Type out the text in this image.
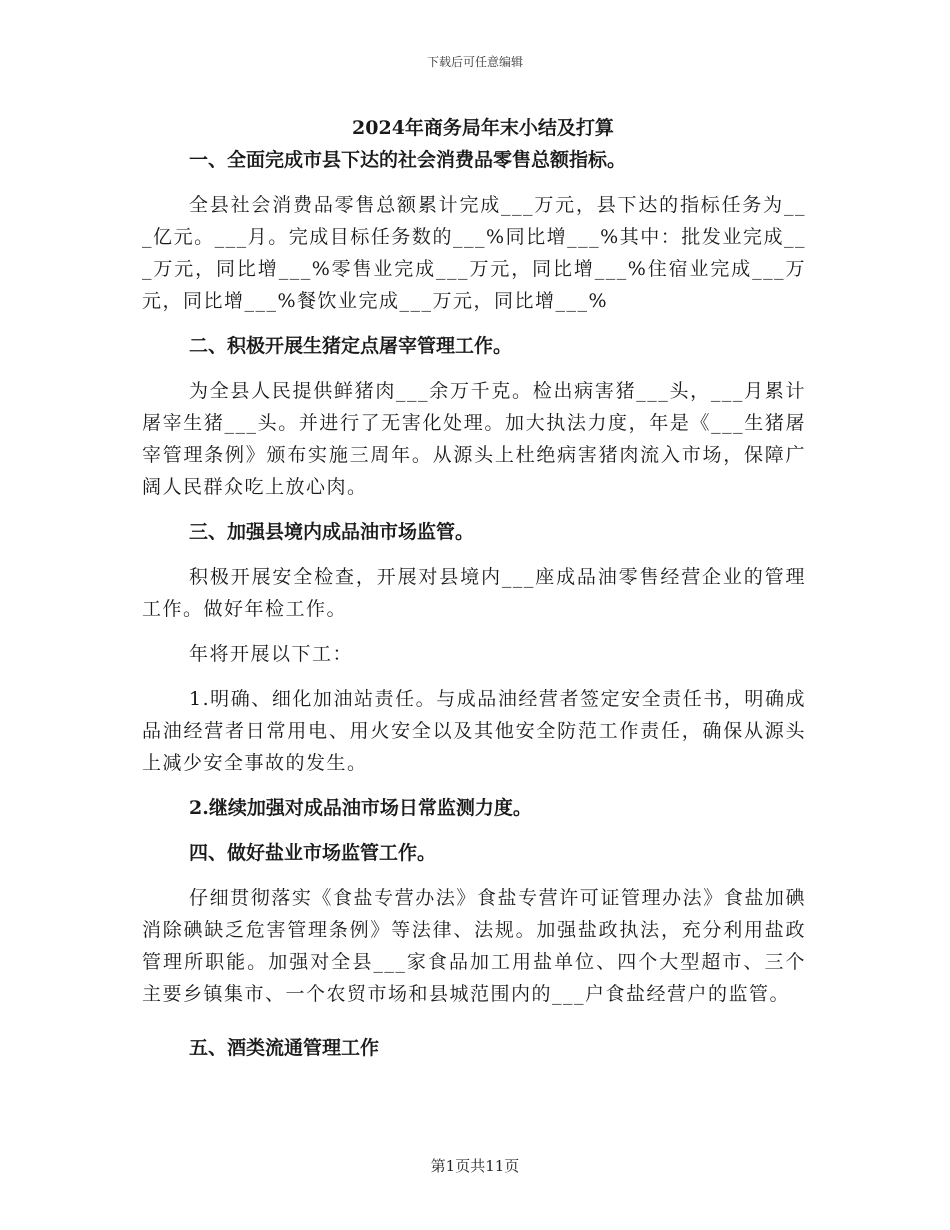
下载后可任意编辑
2024年商务局年末小结及打算
一、全面完成市县下达的社会消费品零售总额指标。
全县社会消费品零售总额累计完成___万元，县下达的指标任务为___亿元。___月。完成目标任务数的___%同比增___%其中：批发业完成___万元，同比增___%零售业完成___万元，同比增___%住宿业完成___万元，同比增___%餐饮业完成___万元，同比增___%
二、积极开展生猪定点屠宰管理工作。
为全县人民提供鲜猪肉___余万千克。检出病害猪___头，___月累计屠宰生猪___头。并进行了无害化处理。加大执法力度，年是《___生猪屠宰管理条例》颁布实施三周年。从源头上杜绝病害猪肉流入市场，保障广阔人民群众吃上放心肉。
三、加强县境内成品油市场监管。
积极开展安全检查，开展对县境内___座成品油零售经营企业的管理工作。做好年检工作。
年将开展以下工：
1.明确、细化加油站责任。与成品油经营者签定安全责任书，明确成品油经营者日常用电、用火安全以及其他安全防范工作责任，确保从源头上减少安全事故的发生。
2.继续加强对成品油市场日常监测力度。
四、做好盐业市场监管工作。
仔细贯彻落实《食盐专营办法》食盐专营许可证管理办法》食盐加碘消除碘缺乏危害管理条例》等法律、法规。加强盐政执法，充分利用盐政管理所职能。加强对全县___家食品加工用盐单位、四个大型超市、三个主要乡镇集市、一个农贸市场和县城范围内的___户食盐经营户的监管。
五、酒类流通管理工作
第1页共11页
